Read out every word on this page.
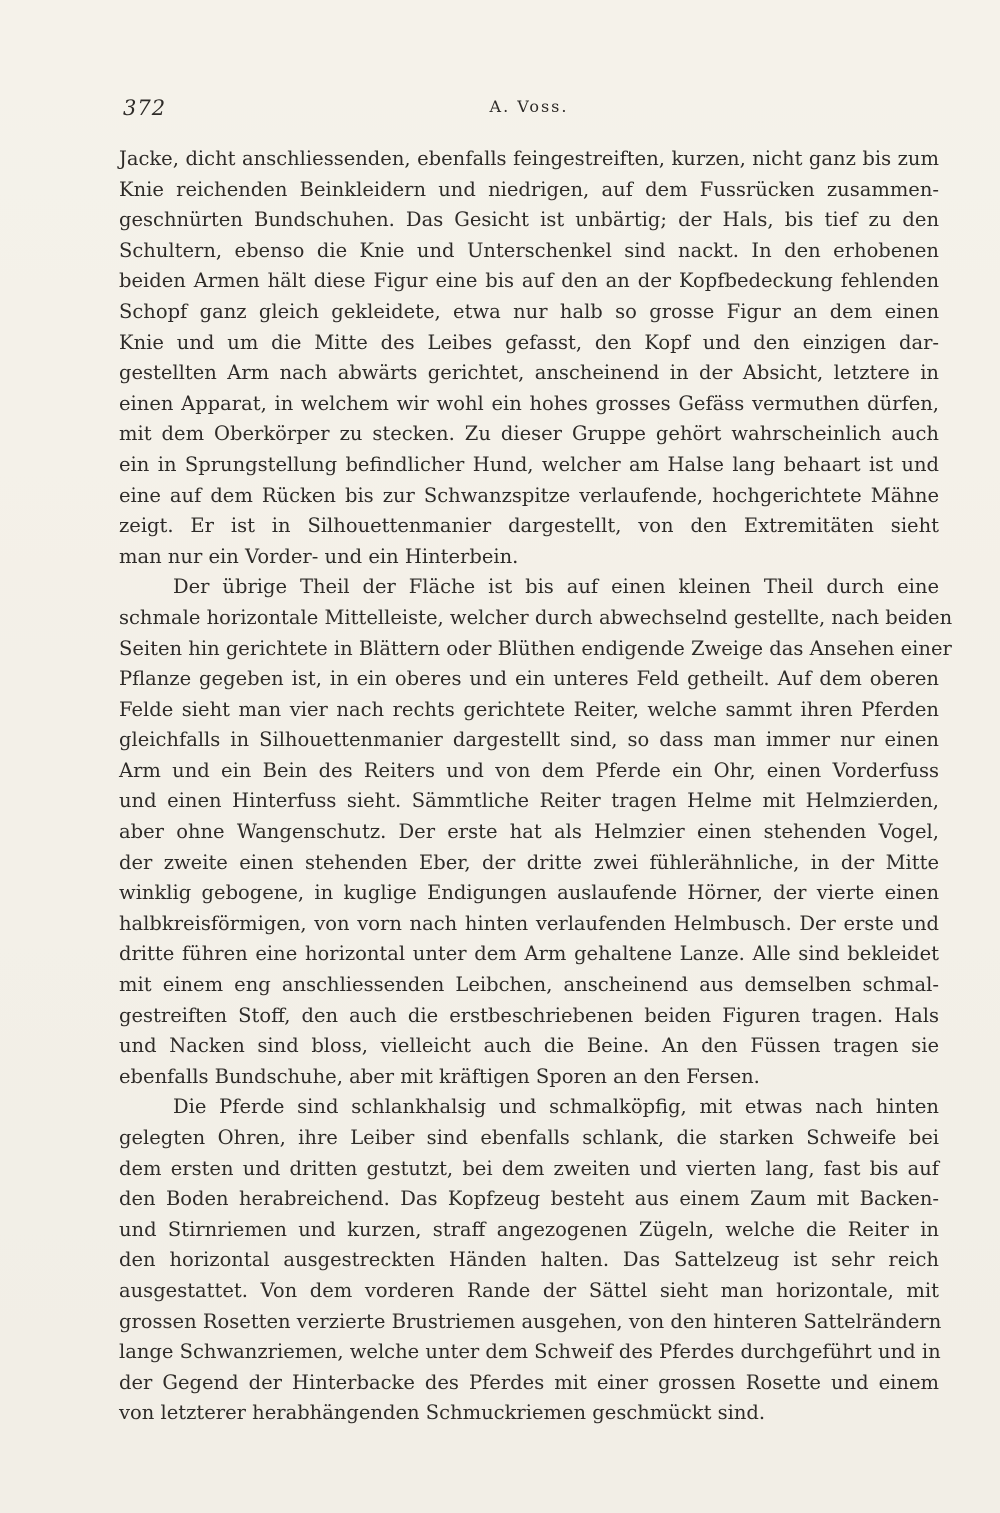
372	A. Voss.
Jacke, dicht anschliessenden, ebenfalls feingestreiften, kurzen, nicht ganz bis zum
Knie reichenden Beinkleidern und niedrigen, auf dem Fussrücken zusammen-
geschnürten Bundschuhen. Das Gesicht ist unbärtig; der Hals, bis tief zu den
Schultern, ebenso die Knie und Unterschenkel sind nackt. In den erhobenen
beiden Armen hält diese Figur eine bis auf den an der Kopfbedeckung fehlenden
Schopf ganz gleich gekleidete, etwa nur halb so grosse Figur an dem einen
Knie und um die Mitte des Leibes gefasst, den Kopf und den einzigen dar-
gestellten Arm nach abwärts gerichtet, anscheinend in der Absicht, letztere in
einen Apparat, in welchem wir wohl ein hohes grosses Gefäss vermuthen dürfen,
mit dem Oberkörper zu stecken. Zu dieser Gruppe gehört wahrscheinlich auch
ein in Sprungstellung befindlicher Hund, welcher am Halse lang behaart ist und
eine auf dem Rücken bis zur Schwanzspitze verlaufende, hochgerichtete Mähne
zeigt. Er ist in Silhouettenmanier dargestellt, von den Extremitäten sieht
man nur ein Vorder- und ein Hinterbein.
Der übrige Theil der Fläche ist bis auf einen kleinen Theil durch eine
schmale horizontale Mittelleiste, welcher durch abwechselnd gestellte, nach beiden
Seiten hin gerichtete in Blättern oder Blüthen endigende Zweige das Ansehen einer
Pflanze gegeben ist, in ein oberes und ein unteres Feld getheilt. Auf dem oberen
Felde sieht man vier nach rechts gerichtete Reiter, welche sammt ihren Pferden
gleichfalls in Silhouettenmanier dargestellt sind, so dass man immer nur einen
Arm und ein Bein des Reiters und von dem Pferde ein Ohr, einen Vorderfuss
und einen Hinterfuss sieht. Sämmtliche Reiter tragen Helme mit Helmzierden,
aber ohne Wangenschutz. Der erste hat als Helmzier einen stehenden Vogel,
der zweite einen stehenden Eber, der dritte zwei fühlerähnliche, in der Mitte
winklig gebogene, in kuglige Endigungen auslaufende Hörner, der vierte einen
halbkreisförmigen, von vorn nach hinten verlaufenden Helmbusch. Der erste und
dritte führen eine horizontal unter dem Arm gehaltene Lanze. Alle sind bekleidet
mit einem eng anschliessenden Leibchen, anscheinend aus demselben schmal-
gestreiften Stoff, den auch die erstbeschriebenen beiden Figuren tragen. Hals
und Nacken sind bloss, vielleicht auch die Beine. An den Füssen tragen sie
ebenfalls Bundschuhe, aber mit kräftigen Sporen an den Fersen.
Die Pferde sind schlankhalsig und schmalköpfig, mit etwas nach hinten
gelegten Ohren, ihre Leiber sind ebenfalls schlank, die starken Schweife bei
dem ersten und dritten gestutzt, bei dem zweiten und vierten lang, fast bis auf
den Boden herabreichend. Das Kopfzeug besteht aus einem Zaum mit Backen-
und Stirnriemen und kurzen, straff angezogenen Zügeln, welche die Reiter in
den horizontal ausgestreckten Händen halten. Das Sattelzeug ist sehr reich
ausgestattet. Von dem vorderen Rande der Sättel sieht man horizontale, mit
grossen Rosetten verzierte Brustriemen ausgehen, von den hinteren Sattelrändern
lange Schwanzriemen, welche unter dem Schweif des Pferdes durchgeführt und in
der Gegend der Hinterbacke des Pferdes mit einer grossen Rosette und einem
von letzterer herabhängenden Schmuckriemen geschmückt sind.
